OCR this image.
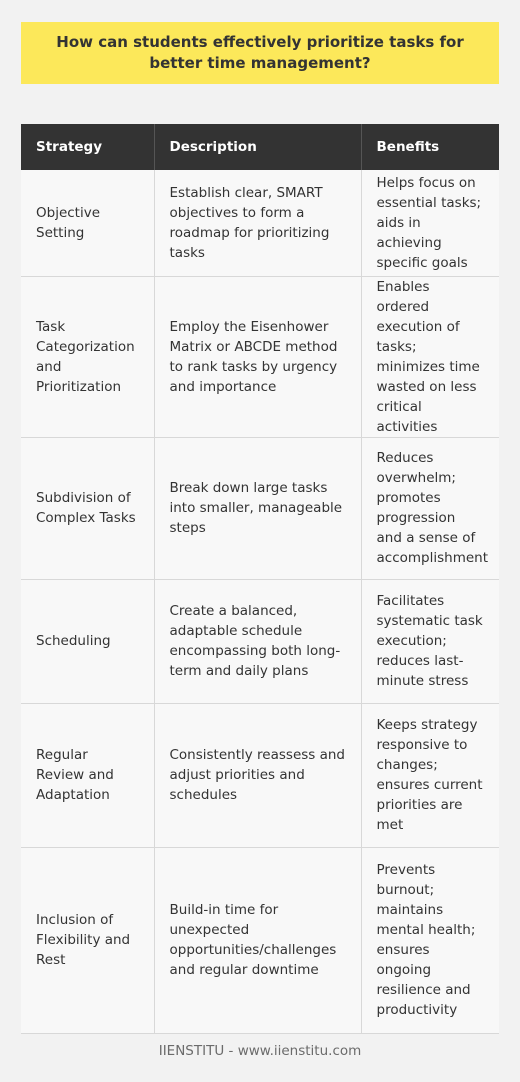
How can students effectively prioritize tasks for better time management?
Strategy	Description	Benefits
Objective Setting	Establish clear, SMART objectives to form a roadmap for prioritizing tasks	Helps focus on essential tasks; aids in achieving specific goals
Task Categorization and Prioritization	Employ the Eisenhower Matrix or ABCDE method to rank tasks by urgency and importance	Enables ordered execution of tasks; minimizes time wasted on less critical activities
Subdivision of Complex Tasks	Break down large tasks into smaller, manageable steps	Reduces overwhelm; promotes progression and a sense of accomplishment
Scheduling	Create a balanced, adaptable schedule encompassing both long-term and daily plans	Facilitates systematic task execution; reduces last-minute stress
Regular Review and Adaptation	Consistently reassess and adjust priorities and schedules	Keeps strategy responsive to changes; ensures current priorities are met
Inclusion of Flexibility and Rest	Build-in time for unexpected opportunities/challenges and regular downtime	Prevents burnout; maintains mental health; ensures ongoing resilience and productivity
IIENSTITU - www.iienstitu.com
